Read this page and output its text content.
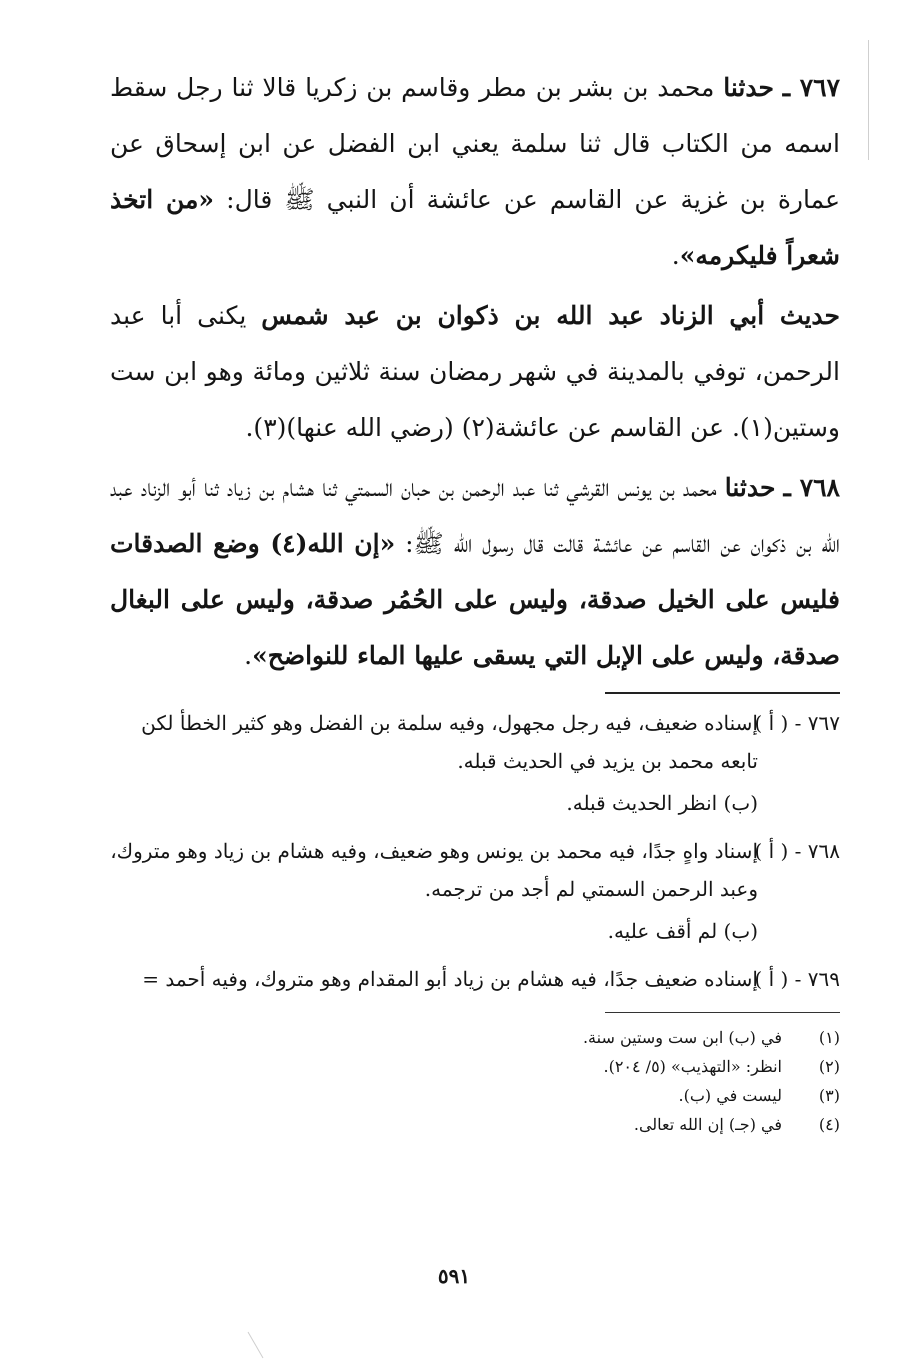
٧٦٧ ـ حدثنا محمد بن بشر بن مطر وقاسم بن زكريا قالا ثنا رجل سقط اسمه من الكتاب قال ثنا سلمة يعني ابن الفضل عن ابن إسحاق عن عمارة بن غزية عن القاسم عن عائشة أن النبي ﷺ قال: «من اتخذ شعراً فليكرمه».

حديث أبي الزناد عبد الله بن ذكوان بن عبد شمس يكنى أبا عبد الرحمن، توفي بالمدينة في شهر رمضان سنة ثلاثين ومائة وهو ابن ست وستين(١). عن القاسم عن عائشة(٢) (رضي الله عنها)(٣).

٧٦٨ ـ حدثنا محمد بن يونس القرشي ثنا عبد الرحمن بن حبان السمتي ثنا هشام بن زياد ثنا أبو الزناد عبد الله بن ذكوان عن القاسم عن عائشة قالت قال رسول الله ﷺ: «إن الله(٤) وضع الصدقات فليس على الخيل صدقة، وليس على الحُمُر صدقة، وليس على البغال صدقة، وليس على الإبل التي يسقى عليها الماء للنواضح».

٧٦٧ - ( أ )
إسناده ضعيف، فيه رجل مجهول، وفيه سلمة بن الفضل وهو كثير الخطأ لكن تابعه محمد بن يزيد في الحديث قبله.
(ب) انظر الحديث قبله.
٧٦٨ - ( أ )
إسناد واهٍ جدًا، فيه محمد بن يونس وهو ضعيف، وفيه هشام بن زياد وهو متروك، وعبد الرحمن السمتي لم أجد من ترجمه.
(ب) لم أقف عليه.
٧٦٩ - ( أ )
إسناده ضعيف جدًا، فيه هشام بن زياد أبو المقدام وهو متروك، وفيه أحمد =
(١)
في (ب) ابن ست وستين سنة.
(٢)
انظر: «التهذيب» (٥/ ٢٠٤).
(٣)
ليست في (ب).
(٤)
في (جـ) إن الله تعالى.
٥٩١
